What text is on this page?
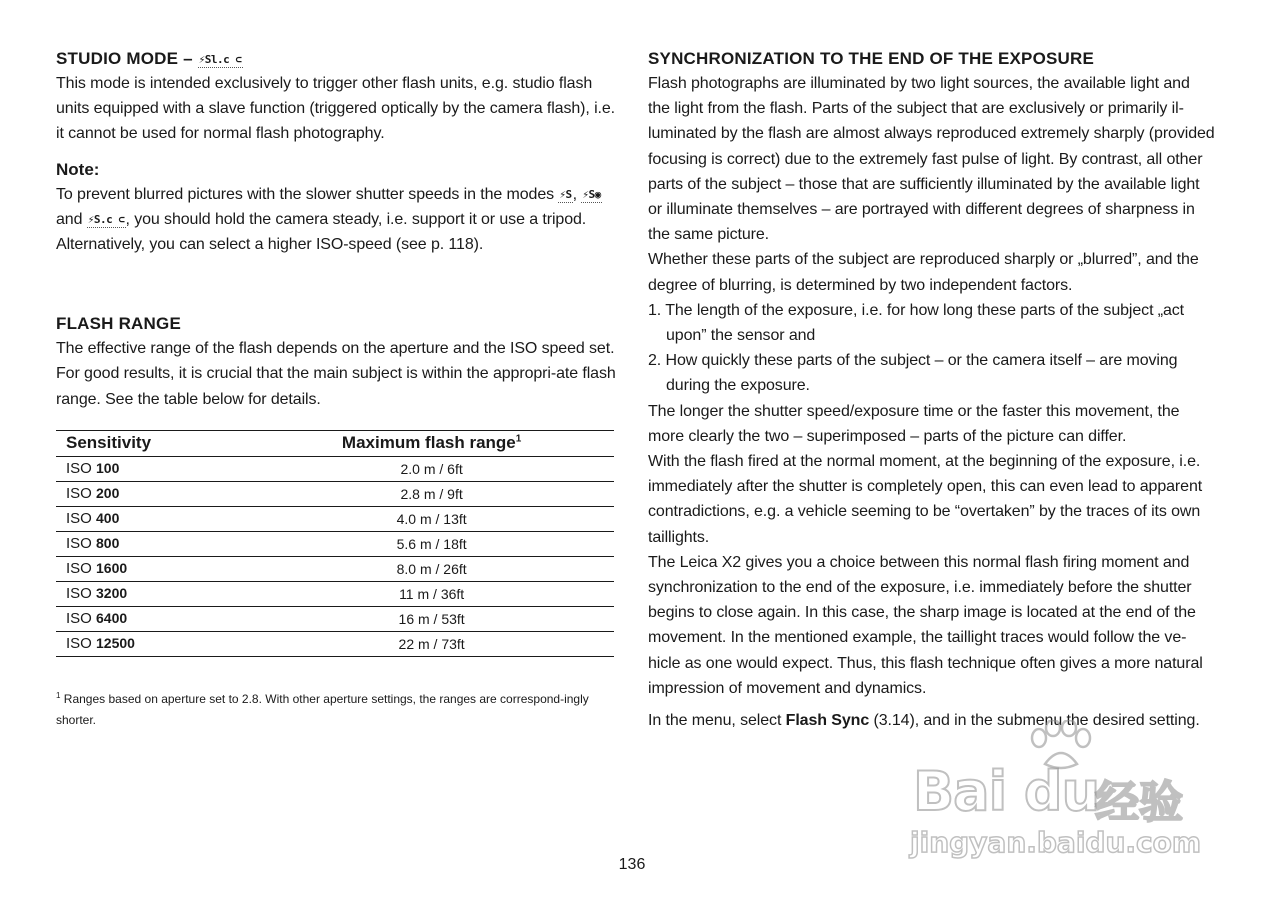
STUDIO MODE – ⚡Sl.c ⊂

This mode is intended exclusively to trigger other flash units, e.g. studio flash units equipped with a slave function (triggered optically by the camera flash), i.e. it cannot be used for normal flash photography.

Note:

To prevent blurred pictures with the slower shutter speeds in the modes ⚡S, ⚡S◉ and ⚡S.c ⊂, you should hold the camera steady, i.e. support it or use a tripod. Alternatively, you can select a higher ISO-speed (see p. 118).

FLASH RANGE

The effective range of the flash depends on the aperture and the ISO speed set. For good results, it is crucial that the main subject is within the appropri-ate flash range. See the table below for details.

Sensitivity	Maximum flash range$^1$
ISO 100	2.0 m / 6ft
ISO 200	2.8 m / 9ft
ISO 400	4.0 m / 13ft
ISO 800	5.6 m / 18ft
ISO 1600	8.0 m / 26ft
ISO 3200	11 m / 36ft
ISO 6400	16 m / 53ft
ISO 12500	22 m / 73ft
$^1$ Ranges based on aperture set to 2.8. With other aperture settings, the ranges are correspond-ingly shorter.
SYNCHRONIZATION TO THE END OF THE EXPOSURE

Flash photographs are illuminated by two light sources, the available light and the light from the flash. Parts of the subject that are exclusively or primarily il-luminated by the flash are almost always reproduced extremely sharply (provided focusing is correct) due to the extremely fast pulse of light. By contrast, all other parts of the subject – those that are sufficiently illuminated by the available light or illuminate themselves – are portrayed with different degrees of sharpness in the same picture.

Whether these parts of the subject are reproduced sharply or „blurred”, and the degree of blurring, is determined by two independent factors.

1. The length of the exposure, i.e. for how long these parts of the subject „act upon” the sensor and
2. How quickly these parts of the subject – or the camera itself – are moving during the exposure.

The longer the shutter speed/exposure time or the faster this movement, the more clearly the two – superimposed – parts of the picture can differ.

With the flash fired at the normal moment, at the beginning of the exposure, i.e. immediately after the shutter is completely open, this can even lead to apparent contradictions, e.g. a vehicle seeming to be “overtaken” by the traces of its own taillights.

The Leica X2 gives you a choice between this normal flash firing moment and synchronization to the end of the exposure, i.e. immediately before the shutter begins to close again. In this case, the sharp image is located at the end of the movement. In the mentioned example, the taillight traces would follow the ve-hicle as one would expect. Thus, this flash technique often gives a more natural impression of movement and dynamics.

In the menu, select Flash Sync (3.14), and in the submenu the desired setting.

136
Bai du
经验
jingyan.baidu.com
